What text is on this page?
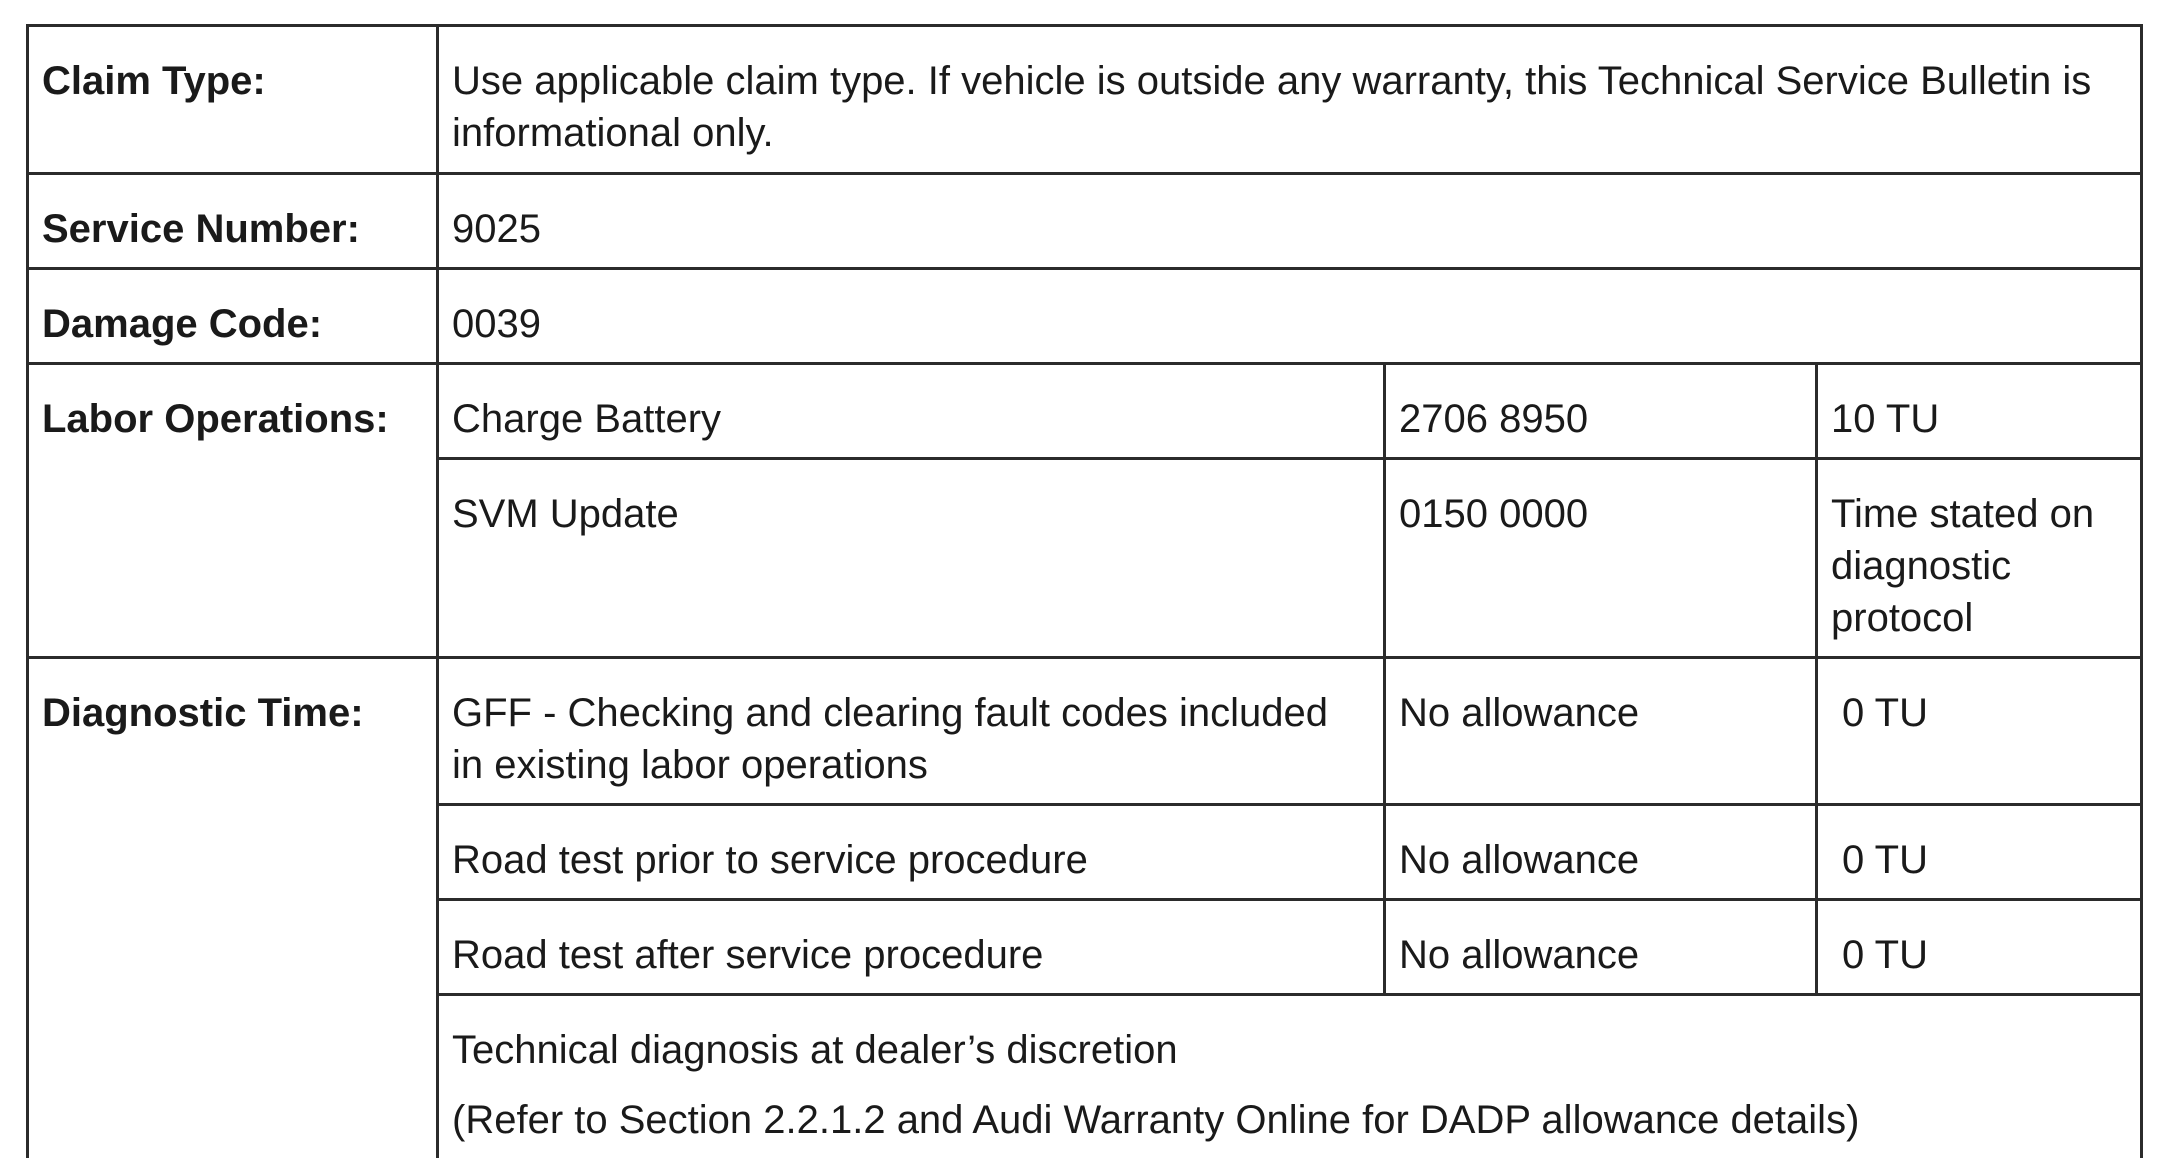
Claim Type:	Use applicable claim type. If vehicle is outside any warranty, this Technical Service Bulletin is informational only.		
Service Number:	9025		
Damage Code:	0039		
Labor Operations:	Charge Battery	2706 8950	10 TU
	SVM Update	0150 0000	Time stated on diagnostic protocol
Diagnostic Time:	GFF - Checking and clearing fault codes included in existing labor operations	No allowance	0 TU
	Road test prior to service procedure	No allowance	0 TU
	Road test after service procedure	No allowance	0 TU

	Technical diagnosis at dealer’s discretion
(Refer to Section 2.2.1.2 and Audi Warranty Online for DADP allowance details)		
